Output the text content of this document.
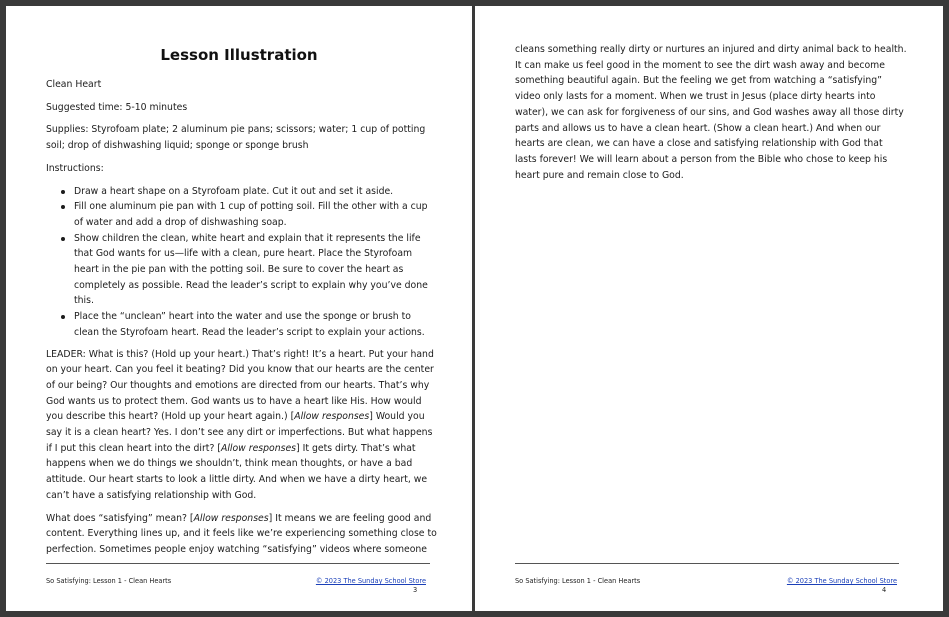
Lesson Illustration

Clean Heart

Suggested time: 5-10 minutes

Supplies: Styrofoam plate; 2 aluminum pie pans; scissors; water; 1 cup of potting soil; drop of dishwashing liquid; sponge or sponge brush

Instructions:

Draw a heart shape on a Styrofoam plate. Cut it out and set it aside.
Fill one aluminum pie pan with 1 cup of potting soil. Fill the other with a cup of water and add a drop of dishwashing soap.
Show children the clean, white heart and explain that it represents the life that God wants for us—life with a clean, pure heart. Place the Styrofoam heart in the pie pan with the potting soil. Be sure to cover the heart as completely as possible. Read the leader’s script to explain why you’ve done this.
Place the “unclean” heart into the water and use the sponge or brush to clean the Styrofoam heart. Read the leader’s script to explain your actions.

LEADER: What is this? (Hold up your heart.) That’s right! It’s a heart. Put your hand on your heart. Can you feel it beating? Did you know that our hearts are the center of our being? Our thoughts and emotions are directed from our hearts. That’s why God wants us to protect them. God wants us to have a heart like His. How would you describe this heart? (Hold up your heart again.) [Allow responses] Would you say it is a clean heart? Yes. I don’t see any dirt or imperfections. But what happens if I put this clean heart into the dirt? [Allow responses] It gets dirty. That’s what happens when we do things we shouldn’t, think mean thoughts, or have a bad attitude. Our heart starts to look a little dirty. And when we have a dirty heart, we can’t have a satisfying relationship with God.

What does “satisfying” mean? [Allow responses] It means we are feeling good and content. Everything lines up, and it feels like we’re experiencing something close to perfection. Sometimes people enjoy watching “satisfying” videos where someone

So Satisfying: Lesson 1 - Clean Hearts	© 2023 The Sunday School Store
3

cleans something really dirty or nurtures an injured and dirty animal back to health. It can make us feel good in the moment to see the dirt wash away and become something beautiful again. But the feeling we get from watching a “satisfying” video only lasts for a moment. When we trust in Jesus (place dirty hearts into water), we can ask for forgiveness of our sins, and God washes away all those dirty parts and allows us to have a clean heart. (Show a clean heart.) And when our hearts are clean, we can have a close and satisfying relationship with God that lasts forever! We will learn about a person from the Bible who chose to keep his heart pure and remain close to God.

So Satisfying: Lesson 1 - Clean Hearts	© 2023 The Sunday School Store
4
